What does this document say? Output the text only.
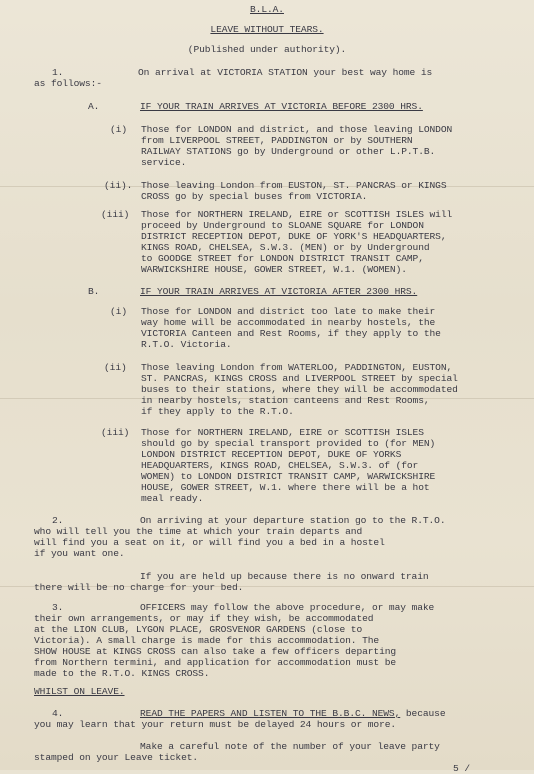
B.L.A.
LEAVE WITHOUT TEARS.
(Published under authority).
1.	On arrival at VICTORIA STATION your best way home is
as follows:-
A.	IF YOUR TRAIN ARRIVES AT VICTORIA BEFORE 2300 HRS.
(i) Those for LONDON and district, and those leaving LONDON
from LIVERPOOL STREET, PADDINGTON or by SOUTHERN
RAILWAY STATIONS go by Underground or other L.P.T.B.
service.
(ii). Those leaving London from EUSTON, ST. PANCRAS or KINGS
CROSS go by special buses from VICTORIA.
(iii) Those for NORTHERN IRELAND, EIRE or SCOTTISH ISLES will
proceed by Underground to SLOANE SQUARE for LONDON
DISTRICT RECEPTION DEPOT, DUKE OF YORK'S HEADQUARTERS,
KINGS ROAD, CHELSEA, S.W.3. (MEN) or by Underground
to GOODGE STREET for LONDON DISTRICT TRANSIT CAMP,
WARWICKSHIRE HOUSE, GOWER STREET, W.1. (WOMEN).
B.	IF YOUR TRAIN ARRIVES AT VICTORIA AFTER 2300 HRS.
(i) Those for LONDON and district too late to make their
way home will be accommodated in nearby hostels, the
VICTORIA Canteen and Rest Rooms, if they apply to the
R.T.O. Victoria.
(ii) Those leaving London from WATERLOO, PADDINGTON, EUSTON,
ST. PANCRAS, KINGS CROSS and LIVERPOOL STREET by special
buses to their stations, where they will be accommodated
in nearby hostels, station canteens and Rest Rooms,
if they apply to the R.T.O.
(iii) Those for NORTHERN IRELAND, EIRE or SCOTTISH ISLES
should go by special transport provided to (for MEN)
LONDON DISTRICT RECEPTION DEPOT, DUKE OF YORKS
HEADQUARTERS, KINGS ROAD, CHELSEA, S.W.3. of (for
WOMEN) to LONDON DISTRICT TRANSIT CAMP, WARWICKSHIRE
HOUSE, GOWER STREET, W.1. where there will be a hot
meal ready.
2.	On arriving at your departure station go to the R.T.O.
who will tell you the time at which your train departs and
will find you a seat on it, or will find you a bed in a hostel
if you want one.
If you are held up because there is no onward train
there will be no charge for your bed.
3.	OFFICERS may follow the above procedure, or may make
their own arrangements, or may if they wish, be accommodated
at the LION CLUB, LYGON PLACE, GROSVENOR GARDENS (close to
Victoria). A small charge is made for this accommodation. The
SHOW HOUSE at KINGS CROSS can also take a few officers departing
from Northern termini, and application for accommodation must be
made to the R.T.O. KINGS CROSS.
WHILST ON LEAVE.
4.	READ THE PAPERS AND LISTEN TO THE B.B.C. NEWS, because
you may learn that your return must be delayed 24 hours or more.
Make a careful note of the number of your leave party
stamped on your Leave ticket.
5 /
